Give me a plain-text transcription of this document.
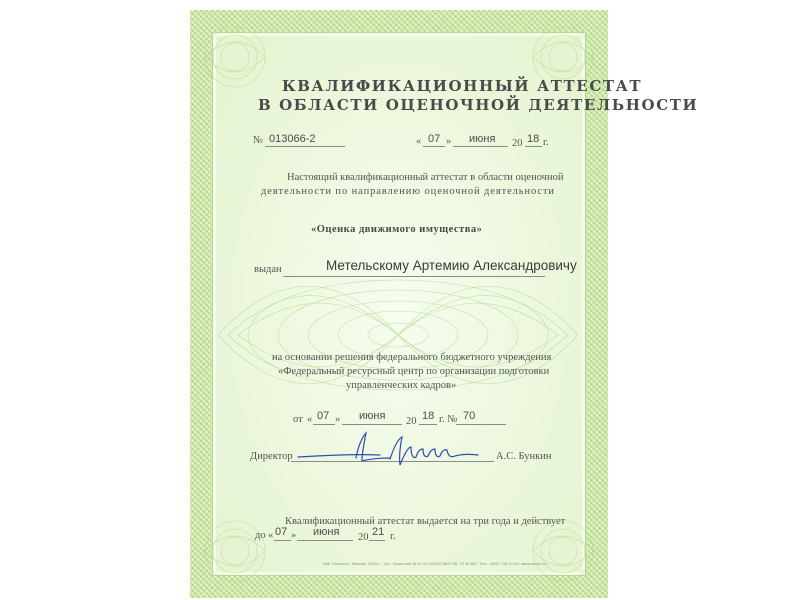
КВАЛИФИКАЦИОННЫЙ АТТЕСТАТ
В ОБЛАСТИ ОЦЕНОЧНОЙ ДЕЯТЕЛЬНОСТИ
№ 013066-2	« 07 » июня 20 18 г.
Настоящий квалификационный аттестат в области оценочной
деятельности по направлению оценочной деятельности
«Оценка движимого имущества»
выдан	Метельскому Артемию Александровичу
на основании решения федерального бюджетного учреждения
«Федеральный ресурсный центр по организации подготовки
управленческих кадров»
от « 07 » июня 20 18 г. № 70
Директор	А.С. Бункин
Квалификационный аттестат выдается на три года и действует
до « 07 » июня 20 21 г.
«ИФ «Оценка», Москва, 2016 г., «А». Лицензия № 01-02-06/520 ФНС РФ. ТУ № 867. Тел.: (495) 730-47-40, www.opcon.ru
